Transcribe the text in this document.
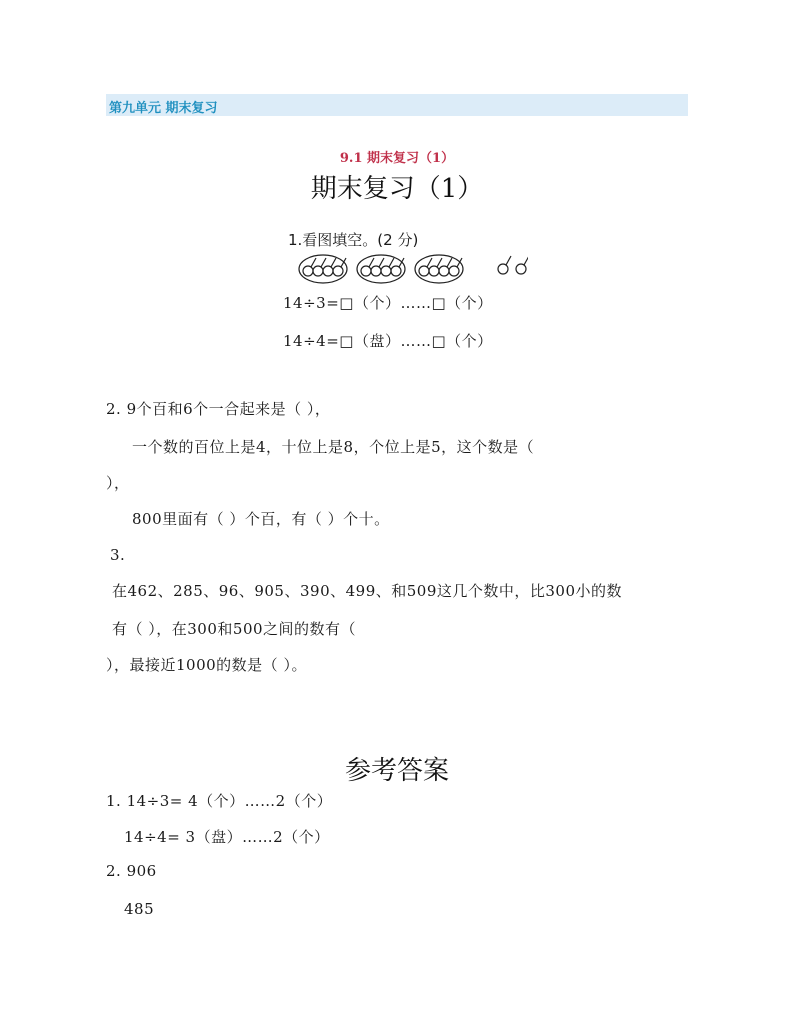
第九单元 期末复习
9.1 期末复习（1）
期末复习（1）
1.看图填空。(2 分)
14÷3=□（个）……□（个）
14÷4=□（盘）……□（个）
2. 9个百和6个一合起来是（ ），
一个数的百位上是4，十位上是8，个位上是5，这个数是（
），
800里面有（ ）个百，有（ ）个十。
3.
在462、285、96、905、390、499、和509这几个数中，比300小的数
有（ ），在300和500之间的数有（
），最接近1000的数是（ ）。
参考答案
1. 14÷3= 4（个）……2（个）
14÷4= 3（盘）……2（个）
2. 906
485
